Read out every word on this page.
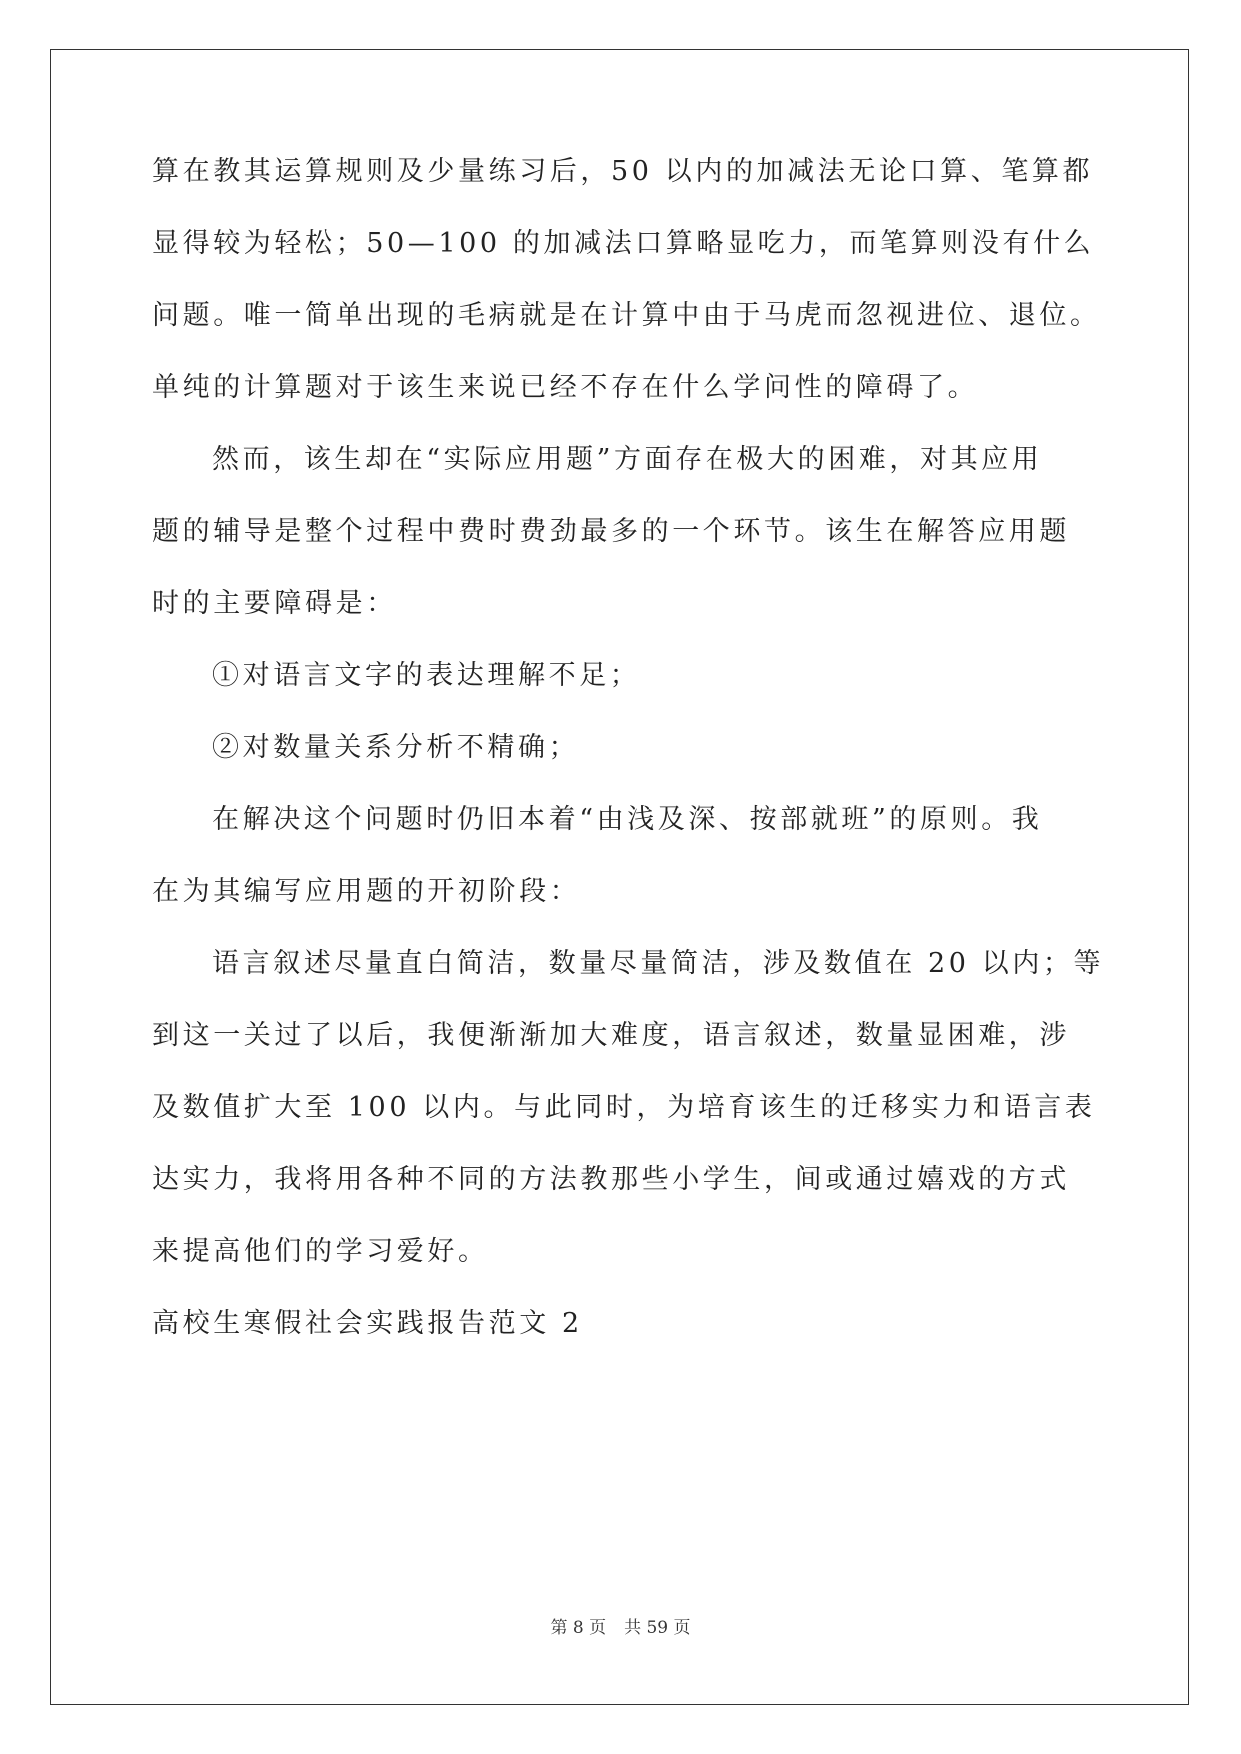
算在教其运算规则及少量练习后，50 以内的加减法无论口算、笔算都
显得较为轻松；50—100 的加减法口算略显吃力，而笔算则没有什么
问题。唯一简单出现的毛病就是在计算中由于马虎而忽视进位、退位。
单纯的计算题对于该生来说已经不存在什么学问性的障碍了。
然而，该生却在“实际应用题”方面存在极大的困难，对其应用
题的辅导是整个过程中费时费劲最多的一个环节。该生在解答应用题
时的主要障碍是：
①对语言文字的表达理解不足；
②对数量关系分析不精确；
在解决这个问题时仍旧本着“由浅及深、按部就班”的原则。我
在为其编写应用题的开初阶段：
语言叙述尽量直白简洁，数量尽量简洁，涉及数值在 20 以内；等
到这一关过了以后，我便渐渐加大难度，语言叙述，数量显困难，涉
及数值扩大至 100 以内。与此同时，为培育该生的迁移实力和语言表
达实力，我将用各种不同的方法教那些小学生，间或通过嬉戏的方式
来提高他们的学习爱好。
高校生寒假社会实践报告范文 2
第 8 页 共 59 页
